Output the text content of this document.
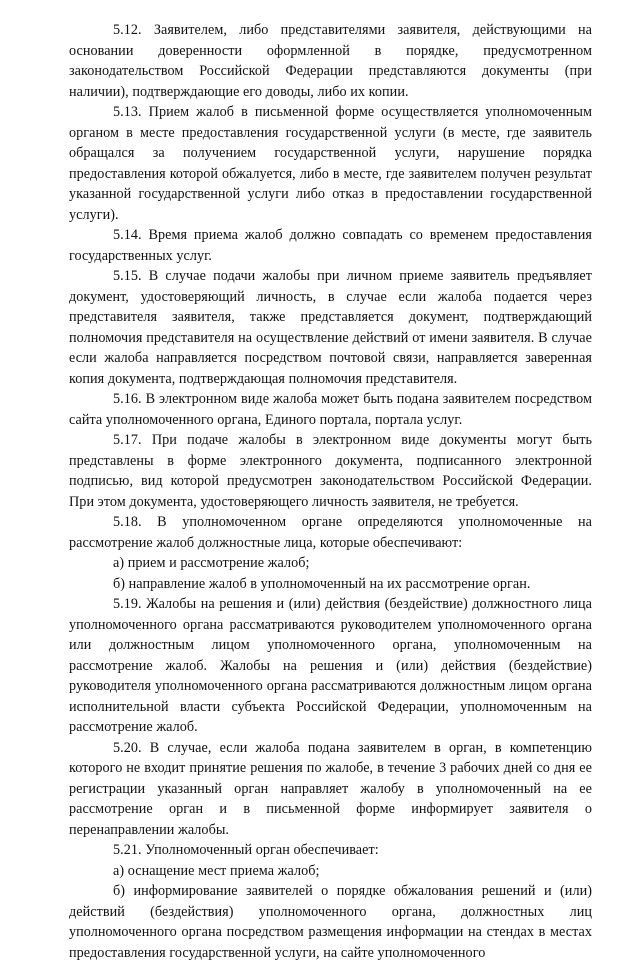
5.12. Заявителем, либо представителями заявителя, действующими на основании доверенности оформленной в порядке, предусмотренном законодательством Российской Федерации представляются документы (при наличии), подтверждающие его доводы, либо их копии.

5.13. Прием жалоб в письменной форме осуществляется уполномоченным органом в месте предоставления государственной услуги (в месте, где заявитель обращался за получением государственной услуги, нарушение порядка предоставления которой обжалуется, либо в месте, где заявителем получен результат указанной государственной услуги либо отказ в предоставлении государственной услуги).

5.14. Время приема жалоб должно совпадать со временем предоставления государственных услуг.

5.15. В случае подачи жалобы при личном приеме заявитель предъявляет документ, удостоверяющий личность, в случае если жалоба подается через представителя заявителя, также представляется документ, подтверждающий полномочия представителя на осуществление действий от имени заявителя. В случае если жалоба направляется посредством почтовой связи, направляется заверенная копия документа, подтверждающая полномочия представителя.

5.16. В электронном виде жалоба может быть подана заявителем посредством сайта уполномоченного органа, Единого портала, портала услуг.

5.17. При подаче жалобы в электронном виде документы могут быть представлены в форме электронного документа, подписанного электронной подписью, вид которой предусмотрен законодательством Российской Федерации. При этом документа, удостоверяющего личность заявителя, не требуется.

5.18. В уполномоченном органе определяются уполномоченные на рассмотрение жалоб должностные лица, которые обеспечивают:

а) прием и рассмотрение жалоб;

б) направление жалоб в уполномоченный на их рассмотрение орган.

5.19. Жалобы на решения и (или) действия (бездействие) должностного лица уполномоченного органа рассматриваются руководителем уполномоченного органа или должностным лицом уполномоченного органа, уполномоченным на рассмотрение жалоб. Жалобы на решения и (или) действия (бездействие) руководителя уполномоченного органа рассматриваются должностным лицом органа исполнительной власти субъекта Российской Федерации, уполномоченным на рассмотрение жалоб.

5.20. В случае, если жалоба подана заявителем в орган, в компетенцию которого не входит принятие решения по жалобе, в течение 3 рабочих дней со дня ее регистрации указанный орган направляет жалобу в уполномоченный на ее рассмотрение орган и в письменной форме информирует заявителя о перенаправлении жалобы.

5.21. Уполномоченный орган обеспечивает:

а) оснащение мест приема жалоб;

б) информирование заявителей о порядке обжалования решений и (или) действий (бездействия) уполномоченного органа, должностных лиц уполномоченного органа посредством размещения информации на стендах в местах предоставления государственной услуги, на сайте уполномоченного
